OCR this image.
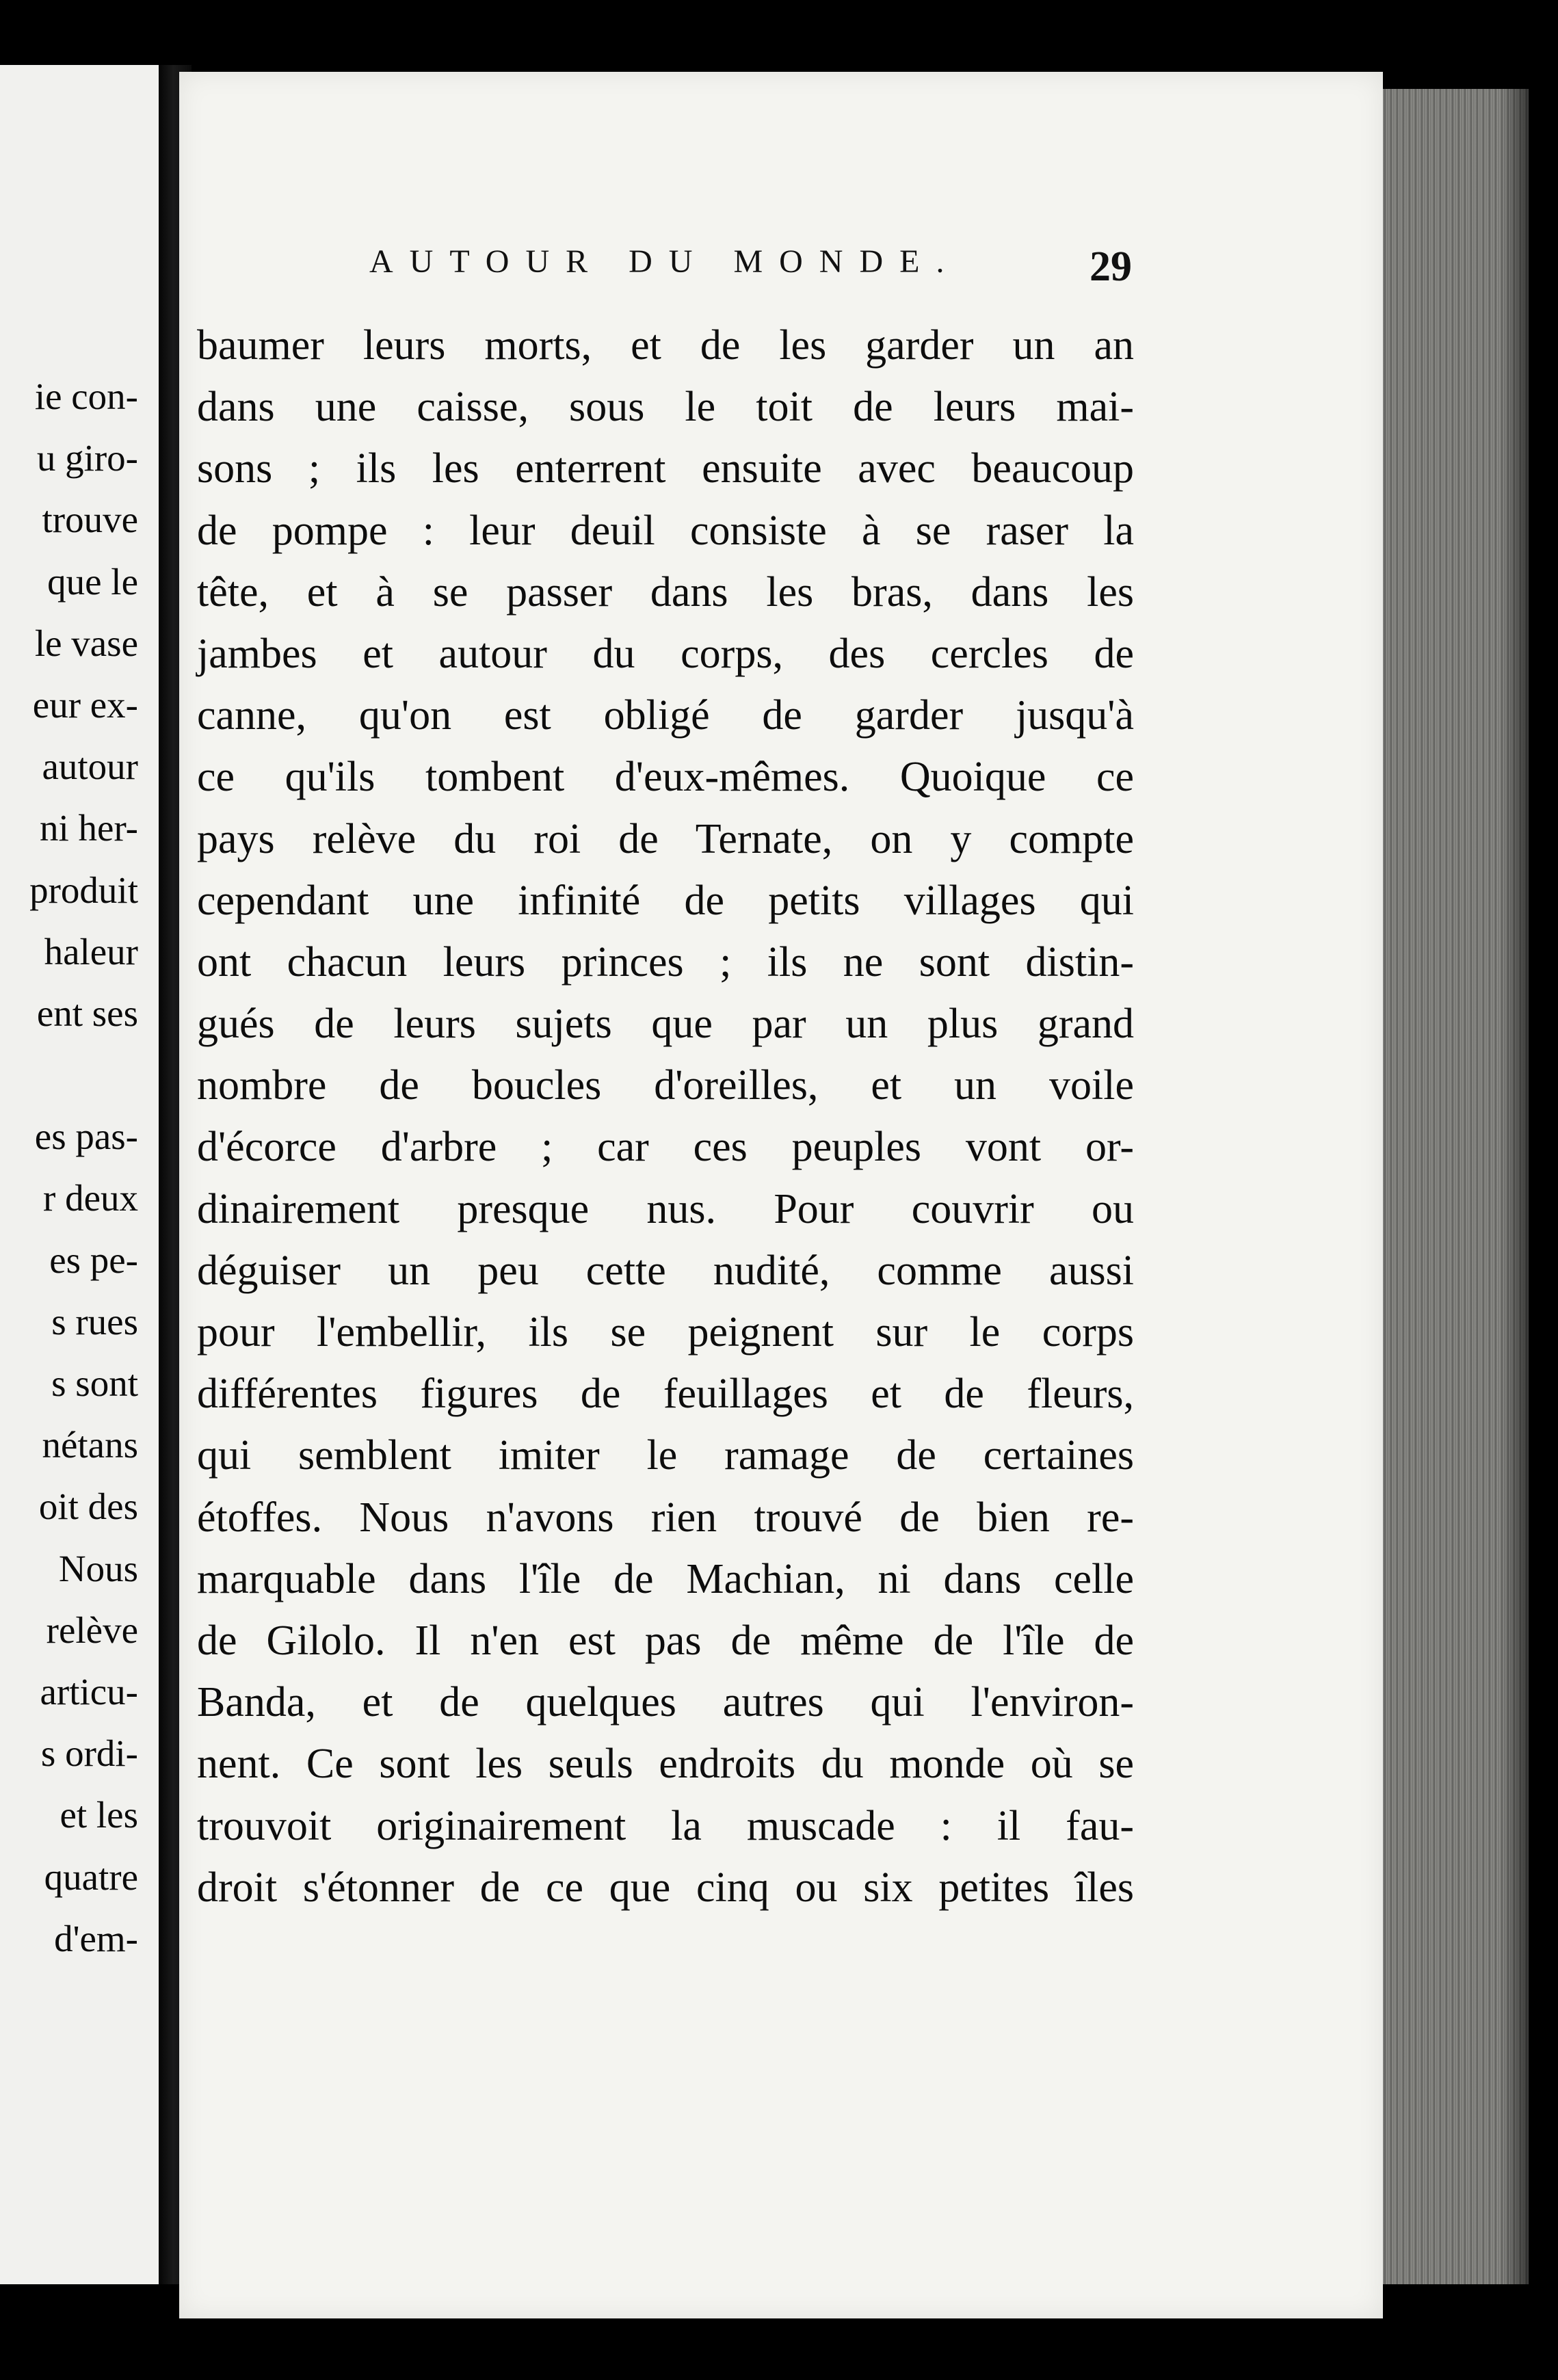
ie con-
u giro-
trouve
que le
le vase
eur ex-
autour
ni her-
produit
haleur
ent ses
es pas-
r deux
es pe-
s rues
s sont
nétans
oit des
Nous
relève
articu-
s ordi-
et les
quatre
d'em-
AUTOUR DU MONDE.	29
baumer leurs morts, et de les garder un an
dans une caisse, sous le toit de leurs mai-
sons ; ils les enterrent ensuite avec beaucoup
de pompe : leur deuil consiste à se raser la
tête, et à se passer dans les bras, dans les
jambes et autour du corps, des cercles de
canne, qu'on est obligé de garder jusqu'à
ce qu'ils tombent d'eux-mêmes. Quoique ce
pays relève du roi de Ternate, on y compte
cependant une infinité de petits villages qui
ont chacun leurs princes ; ils ne sont distin-
gués de leurs sujets que par un plus grand
nombre de boucles d'oreilles, et un voile
d'écorce d'arbre ; car ces peuples vont or-
dinairement presque nus. Pour couvrir ou
déguiser un peu cette nudité, comme aussi
pour l'embellir, ils se peignent sur le corps
différentes figures de feuillages et de fleurs,
qui semblent imiter le ramage de certaines
étoffes. Nous n'avons rien trouvé de bien re-
marquable dans l'île de Machian, ni dans celle
de Gilolo. Il n'en est pas de même de l'île de
Banda, et de quelques autres qui l'environ-
nent. Ce sont les seuls endroits du monde où se
trouvoit originairement la muscade : il fau-
droit s'étonner de ce que cinq ou six petites îles
